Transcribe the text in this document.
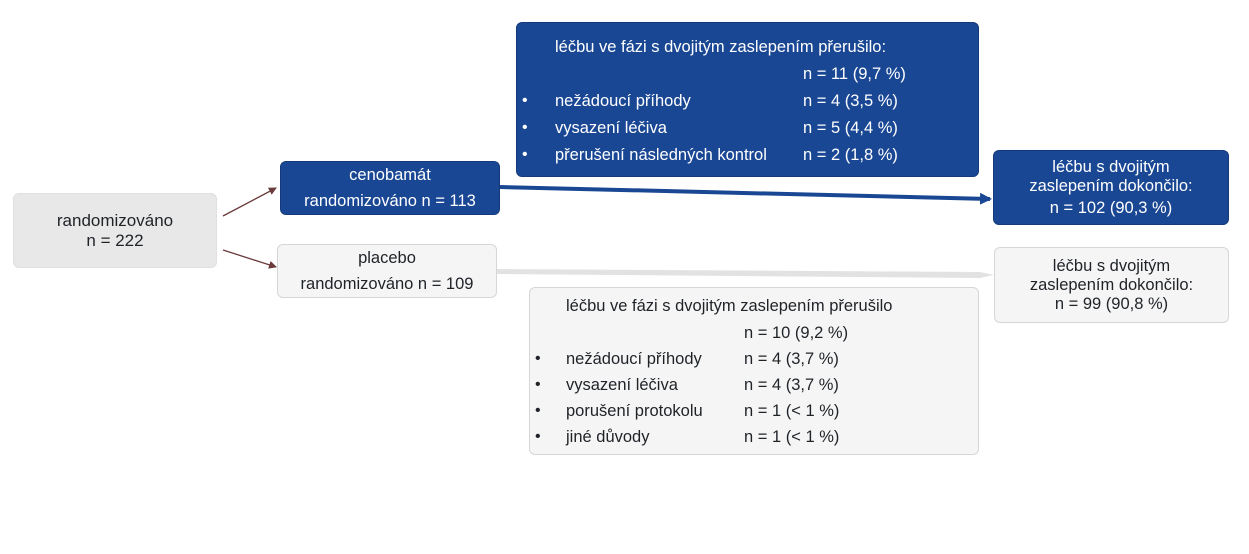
randomizováno
n = 222
cenobamát
randomizováno n = 113
placebo
randomizováno n = 109
léčbu ve fázi s dvojitým zaslepením přerušilo:
n = 11 (9,7 %)
• nežádoucí příhody	n = 4 (3,5 %)
• vysazení léčiva	n = 5 (4,4 %)
• přerušení následných kontrol n = 2 (1,8 %)
léčbu ve fázi s dvojitým zaslepením přerušilo
n = 10 (9,2 %)
• nežádoucí příhody	n = 4 (3,7 %)
• vysazení léčiva	n = 4 (3,7 %)
• porušení protokolu	n = 1 (< 1 %)
• jiné důvody	n = 1 (< 1 %)
léčbu s dvojitým
zaslepením dokončilo:
n = 102 (90,3 %)
léčbu s dvojitým
zaslepením dokončilo:
n = 99 (90,8 %)
